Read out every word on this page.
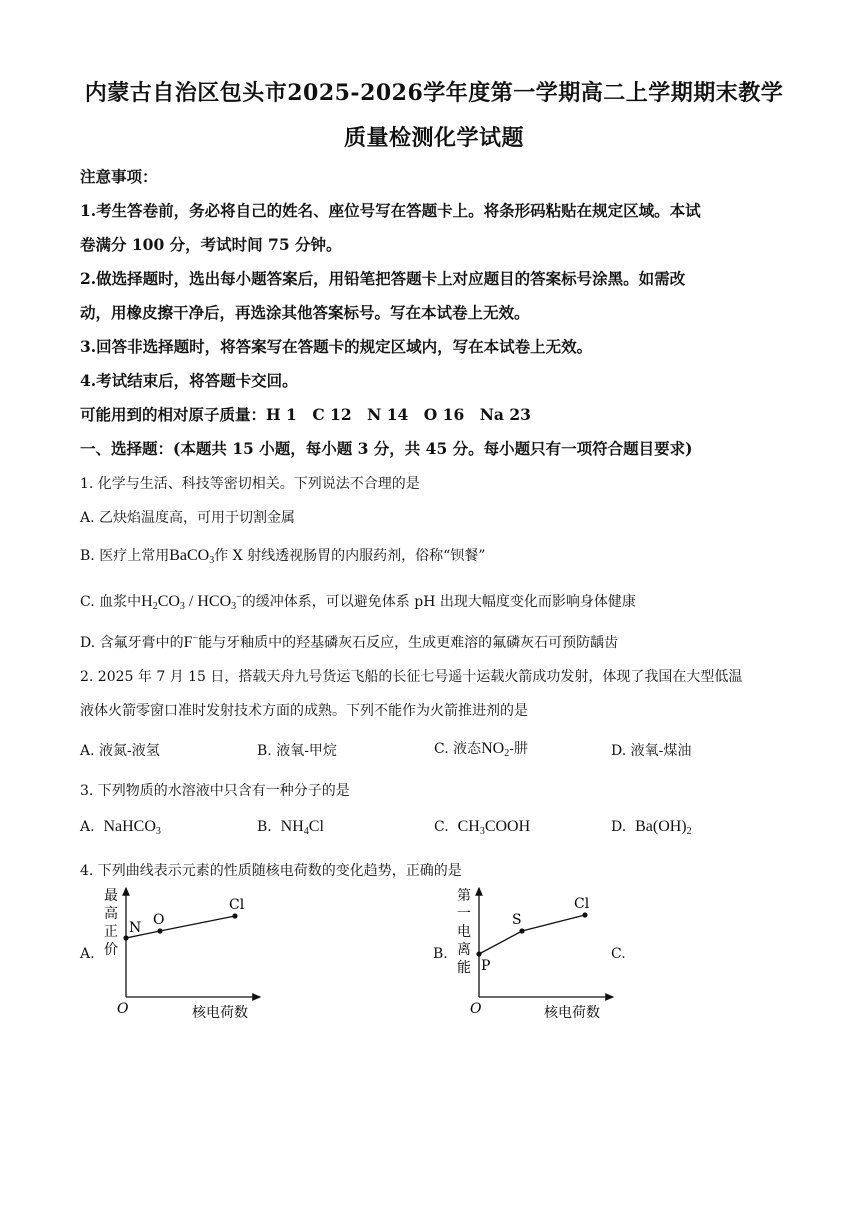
内蒙古自治区包头市2025-2026学年度第一学期高二上学期期末教学
质量检测化学试题
注意事项：
1.考生答卷前，务必将自己的姓名、座位号写在答题卡上。将条形码粘贴在规定区域。本试
卷满分 100 分，考试时间 75 分钟。
2.做选择题时，选出每小题答案后，用铅笔把答题卡上对应题目的答案标号涂黑。如需改
动，用橡皮擦干净后，再选涂其他答案标号。写在本试卷上无效。
3.回答非选择题时，将答案写在答题卡的规定区域内，写在本试卷上无效。
4.考试结束后，将答题卡交回。
可能用到的相对原子质量：H 1　C 12　N 14　O 16　Na 23
一、选择题：(本题共 15 小题，每小题 3 分，共 45 分。每小题只有一项符合题目要求)
1. 化学与生活、科技等密切相关。下列说法不合理的是
A. 乙炔焰温度高，可用于切割金属
B. 医疗上常用BaCO$_3$作 X 射线透视肠胃的内服药剂，俗称“钡餐”
C. 血浆中$H_2CO_3 / HCO_3^-$的缓冲体系，可以避免体系 pH 出现大幅度变化而影响身体健康
D. 含氟牙膏中的F−能与牙釉质中的羟基磷灰石反应，生成更难溶的氟磷灰石可预防龋齿
2. 2025 年 7 月 15 日，搭载天舟九号货运飞船的长征七号遥十运载火箭成功发射，体现了我国在大型低温
液体火箭零窗口准时发射技术方面的成熟。下列不能作为火箭推进剂的是
A. 液氮-液氢	B. 液氧-甲烷	C. 液态$NO_2-$肼	D. 液氧-煤油
3. 下列物质的水溶液中只含有一种分子的是
A. NaHCO$_3$	B. $NH_4Cl$	C. $CH_3COOH$	D. $Ba(OH)_2$
4. 下列曲线表示元素的性质随核电荷数的变化趋势，正确的是
A.	B.	C.
最
高
正
价
O	核电荷数
N O
Cl
第
一
电
离
能
O	核电荷数
P
S
Cl
